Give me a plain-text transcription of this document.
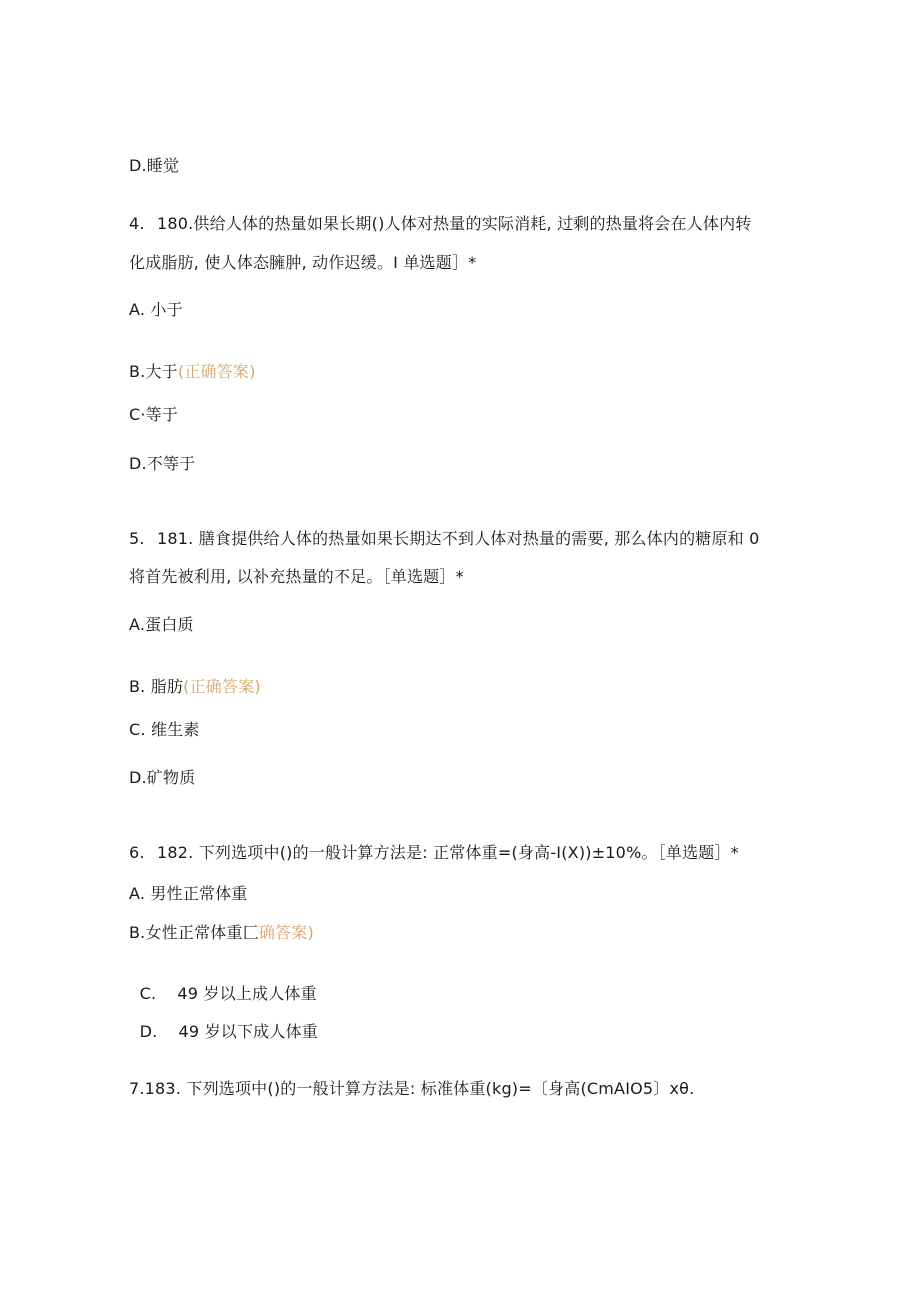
D.睡觉
4. 180.供给人体的热量如果长期()人体对热量的实际消耗, 过剩的热量将会在人体内转
化成脂肪, 使人体态臃肿, 动作迟缓。I 单选题］*
A. 小于
B.大于(正确答案)
C·等于
D.不等于
5. 181. 膳食提供给人体的热量如果长期达不到人体对热量的需要, 那么体内的糖原和 0
将首先被利用, 以补充热量的不足。［单选题］*
A.蛋白质
B. 脂肪(正确答案)
C. 维生素
D.矿物质
6. 182. 下列选项中()的一般计算方法是: 正常体重=(身高-I(X))±10%。［单选题］*
A. 男性正常体重
B.女性正常体重匚确答案)

C.    49 岁以上成人体重

D.    49 岁以下成人体重

7.183. 下列选项中()的一般计算方法是: 标准体重(kg)=〔身高(CmAIO5〕xθ.
